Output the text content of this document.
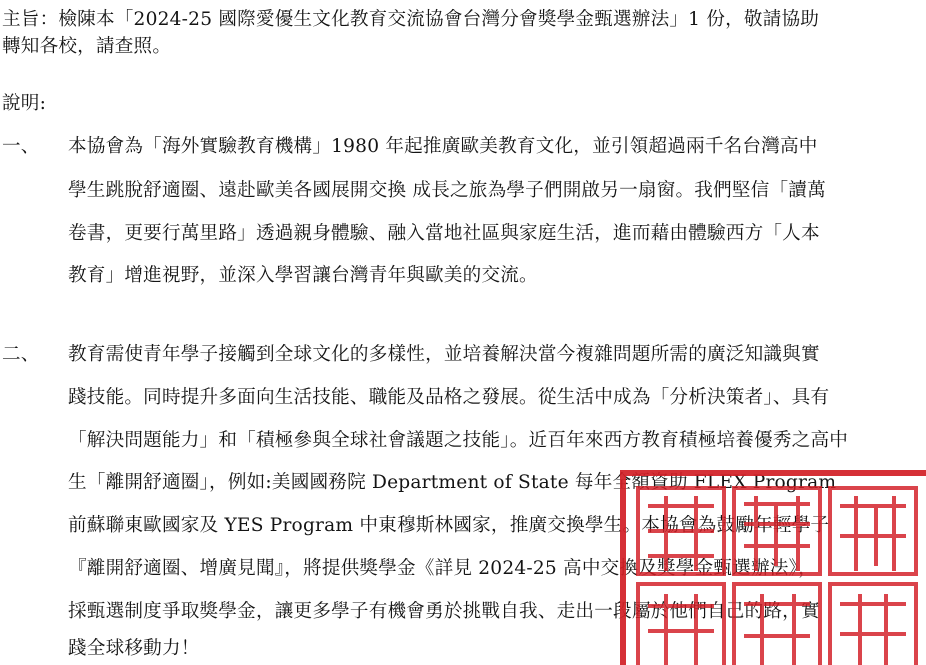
主旨：檢陳本「2024-25 國際愛優生文化教育交流協會台灣分會獎學金甄選辦法」1 份，敬請協助
轉知各校，請查照。
說明:
一、 本協會為「海外實驗教育機構」1980 年起推廣歐美教育文化，並引領超過兩千名台灣高中
學生跳脫舒適圈、遠赴歐美各國展開交換 成長之旅為學子們開啟另一扇窗。我們堅信「讀萬
卷書，更要行萬里路」透過親身體驗、融入當地社區與家庭生活，進而藉由體驗西方「人本
教育」增進視野，並深入學習讓台灣青年與歐美的交流。
二、 教育需使青年學子接觸到全球文化的多樣性，並培養解決當今複雜問題所需的廣泛知識與實
踐技能。同時提升多面向生活技能、職能及品格之發展。從生活中成為「分析決策者」、具有
「解決問題能力」和「積極參與全球社會議題之技能」。近百年來西方教育積極培養優秀之高中
生「離開舒適圈」，例如:美國國務院 Department of State 每年全額資助 FLEX Program
前蘇聯東歐國家及 YES Program 中東穆斯林國家，推廣交換學生。本協會為鼓勵年輕學子
『離開舒適圈、增廣見聞』，將提供獎學金《詳見 2024-25 高中交換及獎學金甄選辦法》，
採甄選制度爭取獎學金，讓更多學子有機會勇於挑戰自我、走出一段屬於他們自己的路，實
踐全球移動力！
